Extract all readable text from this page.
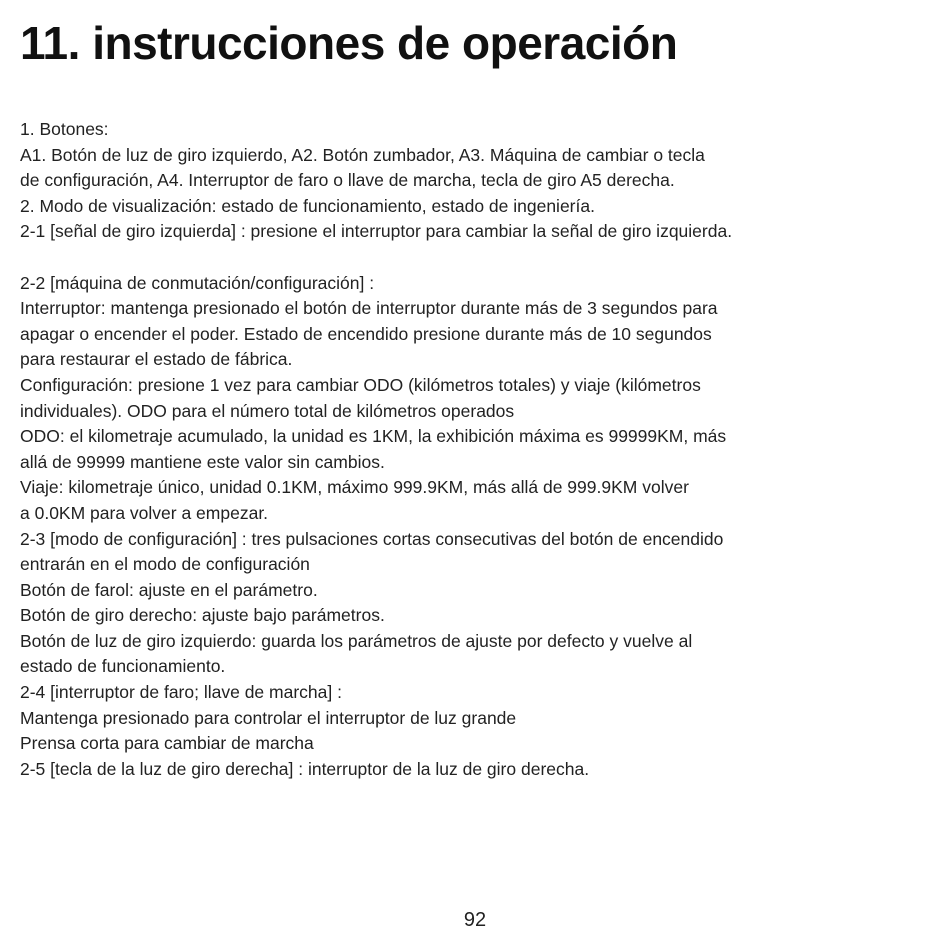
11. instrucciones de operación
1. Botones:
A1. Botón de luz de giro izquierdo, A2. Botón zumbador, A3. Máquina de cambiar o tecla
de configuración, A4. Interruptor de faro o llave de marcha, tecla de giro A5 derecha.
2. Modo de visualización: estado de funcionamiento, estado de ingeniería.
2-1 [señal de giro izquierda] : presione el interruptor para cambiar la señal de giro izquierda.
2-2 [máquina de conmutación/configuración] :
Interruptor: mantenga presionado el botón de interruptor durante más de 3 segundos para
apagar o encender el poder. Estado de encendido presione durante más de 10 segundos
para restaurar el estado de fábrica.
Configuración: presione 1 vez para cambiar ODO (kilómetros totales) y viaje (kilómetros
individuales). ODO para el número total de kilómetros operados
ODO: el kilometraje acumulado, la unidad es 1KM, la exhibición máxima es 99999KM, más
allá de 99999 mantiene este valor sin cambios.
Viaje: kilometraje único, unidad 0.1KM, máximo 999.9KM, más allá de 999.9KM volver
a 0.0KM para volver a empezar.
2-3 [modo de configuración] : tres pulsaciones cortas consecutivas del botón de encendido
entrarán en el modo de configuración
Botón de farol: ajuste en el parámetro.
Botón de giro derecho: ajuste bajo parámetros.
Botón de luz de giro izquierdo: guarda los parámetros de ajuste por defecto y vuelve al
estado de funcionamiento.
2-4 [interruptor de faro; llave de marcha] :
Mantenga presionado para controlar el interruptor de luz grande
Prensa corta para cambiar de marcha
2-5 [tecla de la luz de giro derecha] : interruptor de la luz de giro derecha.
92
